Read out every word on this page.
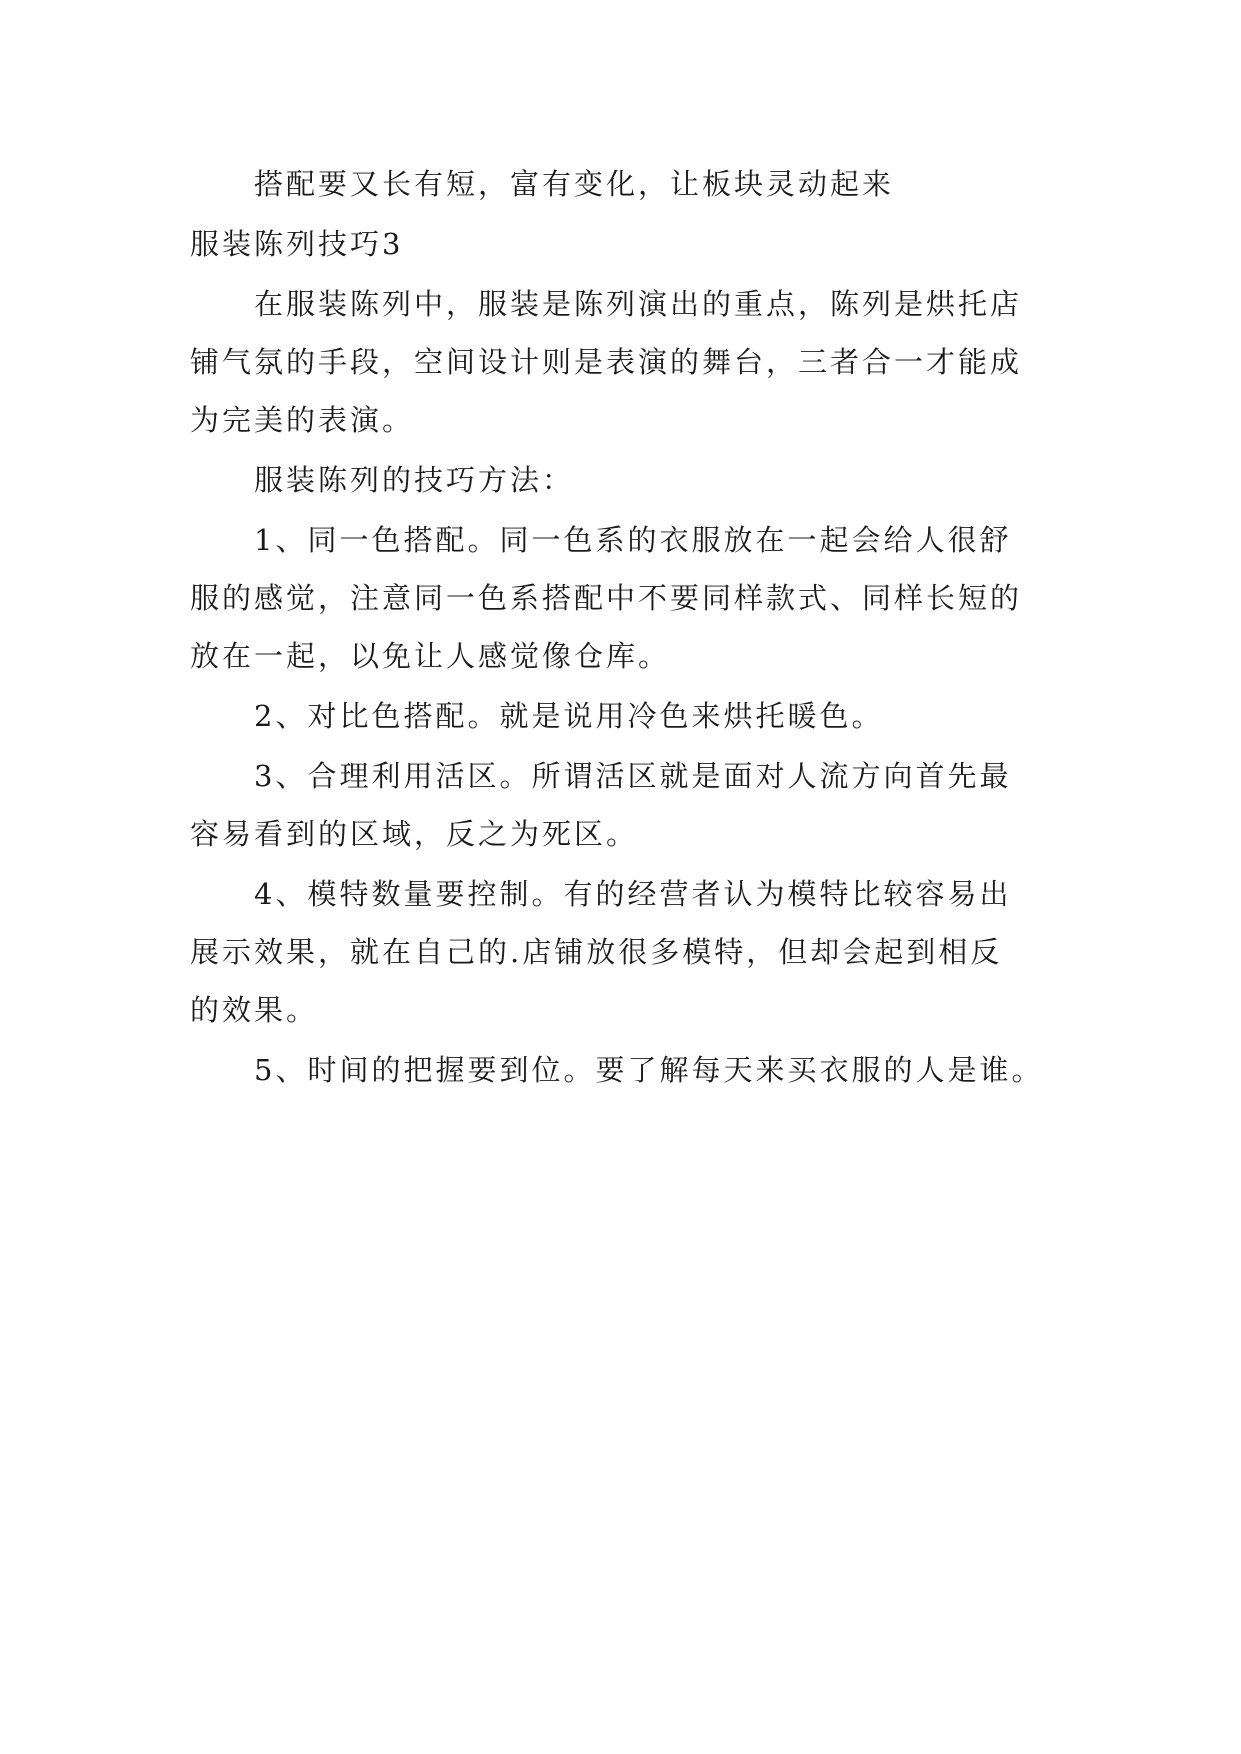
搭配要又长有短，富有变化，让板块灵动起来
服装陈列技巧3
在服装陈列中，服装是陈列演出的重点，陈列是烘托店
铺气氛的手段，空间设计则是表演的舞台，三者合一才能成
为完美的表演。
服装陈列的技巧方法：
1、同一色搭配。同一色系的衣服放在一起会给人很舒
服的感觉，注意同一色系搭配中不要同样款式、同样长短的
放在一起，以免让人感觉像仓库。
2、对比色搭配。就是说用冷色来烘托暖色。
3、合理利用活区。所谓活区就是面对人流方向首先最
容易看到的区域，反之为死区。
4、模特数量要控制。有的经营者认为模特比较容易出
展示效果，就在自己的.店铺放很多模特，但却会起到相反
的效果。
5、时间的把握要到位。要了解每天来买衣服的人是谁。
